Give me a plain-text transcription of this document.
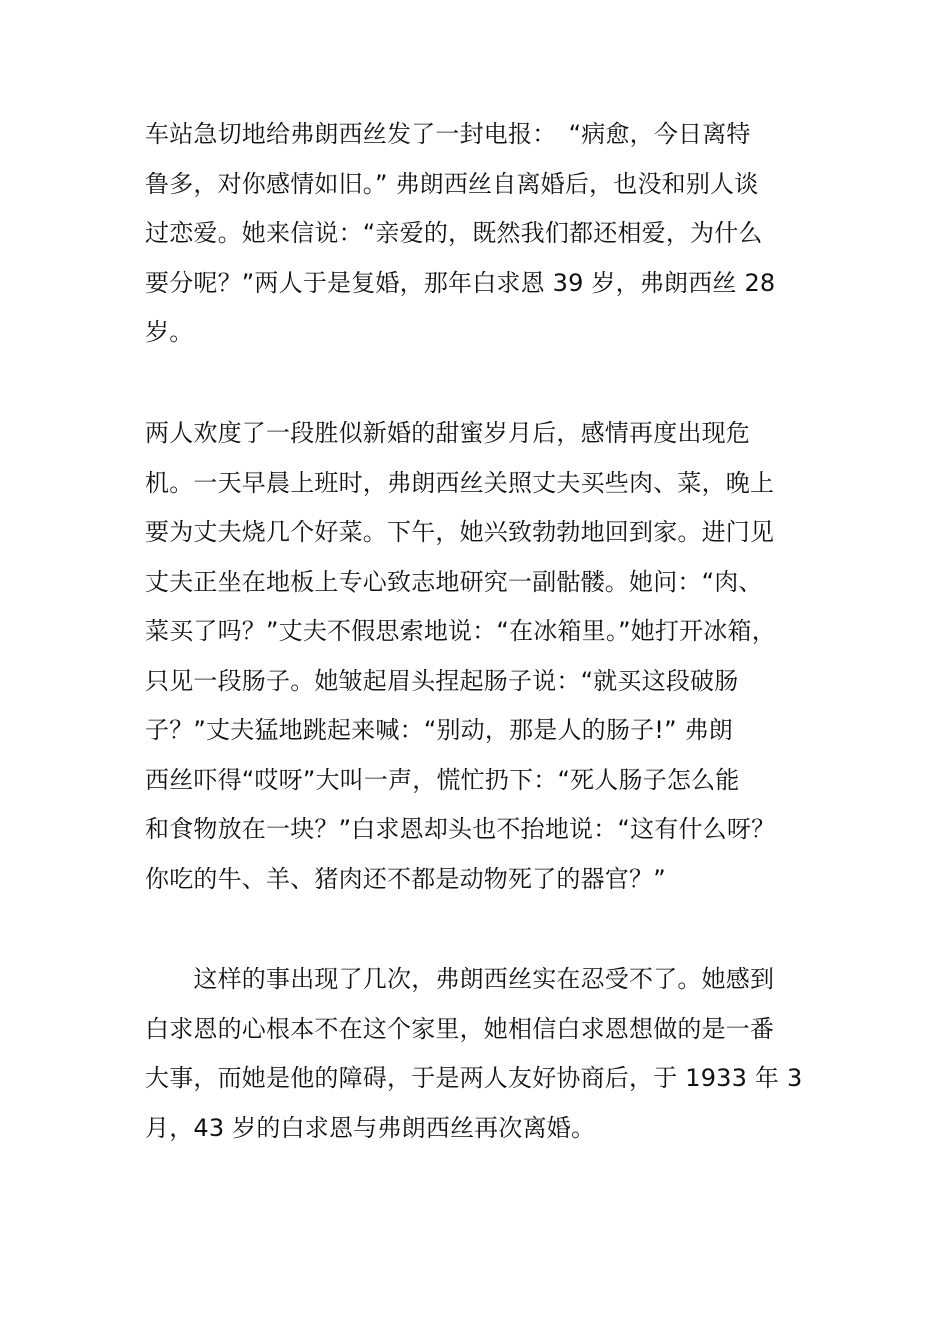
车站急切地给弗朗西丝发了一封电报：　“病愈，今日离特
鲁多，对你感情如旧。” 弗朗西丝自离婚后，也没和别人谈
过恋爱。她来信说：“亲爱的，既然我们都还相爱，为什么
要分呢？”两人于是复婚，那年白求恩 39 岁，弗朗西丝 28
岁。
两人欢度了一段胜似新婚的甜蜜岁月后，感情再度出现危
机。一天早晨上班时，弗朗西丝关照丈夫买些肉、菜，晚上
要为丈夫烧几个好菜。下午，她兴致勃勃地回到家。进门见
丈夫正坐在地板上专心致志地研究一副骷髅。她问：“肉、
菜买了吗？”丈夫不假思索地说：“在冰箱里。”她打开冰箱，
只见一段肠子。她皱起眉头捏起肠子说：“就买这段破肠
子？”丈夫猛地跳起来喊：“别动，那是人的肠子!” 弗朗
西丝吓得“哎呀”大叫一声，慌忙扔下：“死人肠子怎么能
和食物放在一块？”白求恩却头也不抬地说：“这有什么呀？
你吃的牛、羊、猪肉还不都是动物死了的器官？”
　　这样的事出现了几次，弗朗西丝实在忍受不了。她感到
白求恩的心根本不在这个家里，她相信白求恩想做的是一番
大事，而她是他的障碍，于是两人友好协商后，于 1933 年 3
月，43 岁的白求恩与弗朗西丝再次离婚。
